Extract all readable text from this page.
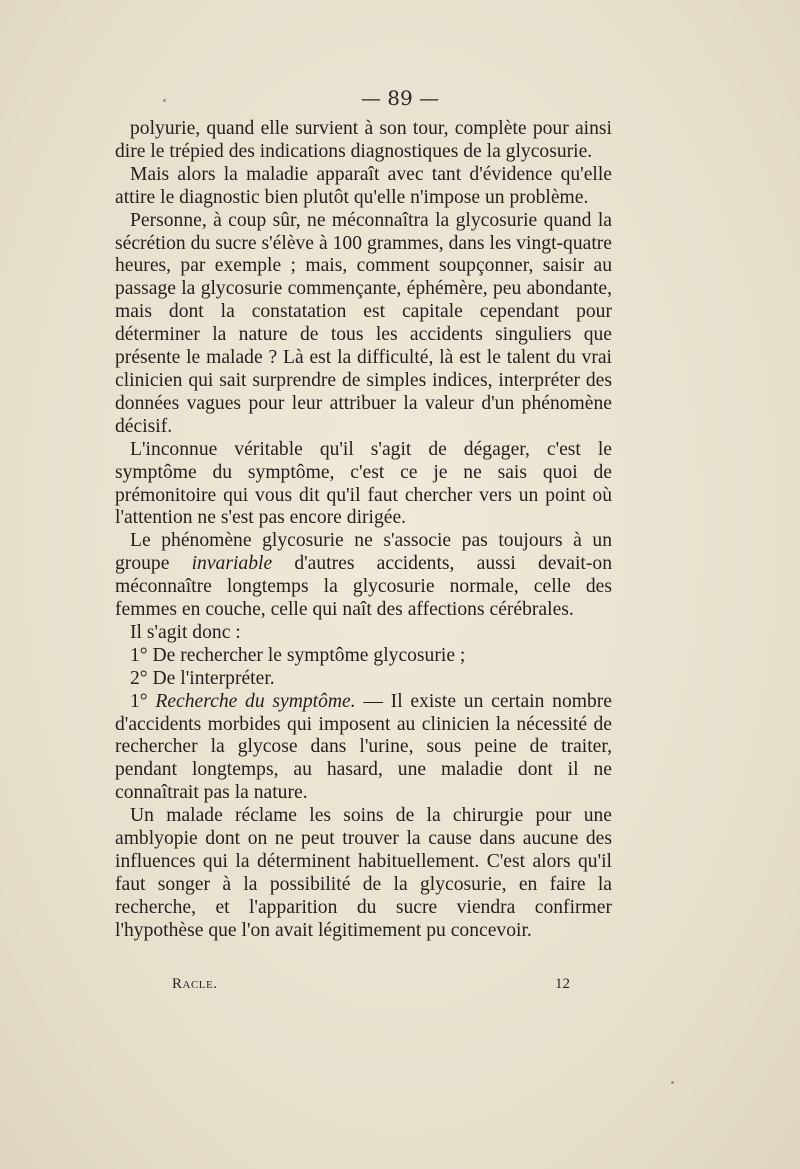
— 89 —

polyurie, quand elle survient à son tour, complète pour ainsi dire le trépied des indications diagnostiques de la glycosurie.

Mais alors la maladie apparaît avec tant d'évidence qu'elle attire le diagnostic bien plutôt qu'elle n'impose un problème.

Personne, à coup sûr, ne méconnaîtra la glycosurie quand la sécrétion du sucre s'élève à 100 grammes, dans les vingt-quatre heures, par exemple ; mais, comment soupçonner, saisir au passage la glycosurie commençante, éphémère, peu abondante, mais dont la constatation est capitale cependant pour déterminer la nature de tous les accidents singuliers que présente le malade ? Là est la difficulté, là est le talent du vrai clinicien qui sait surprendre de simples indices, interpréter des données vagues pour leur attribuer la valeur d'un phénomène décisif.

L'inconnue véritable qu'il s'agit de dégager, c'est le symptôme du symptôme, c'est ce je ne sais quoi de prémonitoire qui vous dit qu'il faut chercher vers un point où l'attention ne s'est pas encore dirigée.

Le phénomène glycosurie ne s'associe pas toujours à un groupe invariable d'autres accidents, aussi devait-on méconnaître longtemps la glycosurie normale, celle des femmes en couche, celle qui naît des affections cérébrales.

Il s'agit donc :

1° De rechercher le symptôme glycosurie ;

2° De l'interpréter.

1° Recherche du symptôme. — Il existe un certain nombre d'accidents morbides qui imposent au clinicien la nécessité de rechercher la glycose dans l'urine, sous peine de traiter, pendant longtemps, au hasard, une maladie dont il ne connaîtrait pas la nature.

Un malade réclame les soins de la chirurgie pour une amblyopie dont on ne peut trouver la cause dans aucune des influences qui la déterminent habituellement. C'est alors qu'il faut songer à la possibilité de la glycosurie, en faire la recherche, et l'apparition du sucre viendra confirmer l'hypothèse que l'on avait légitimement pu concevoir.

Racle.	12
